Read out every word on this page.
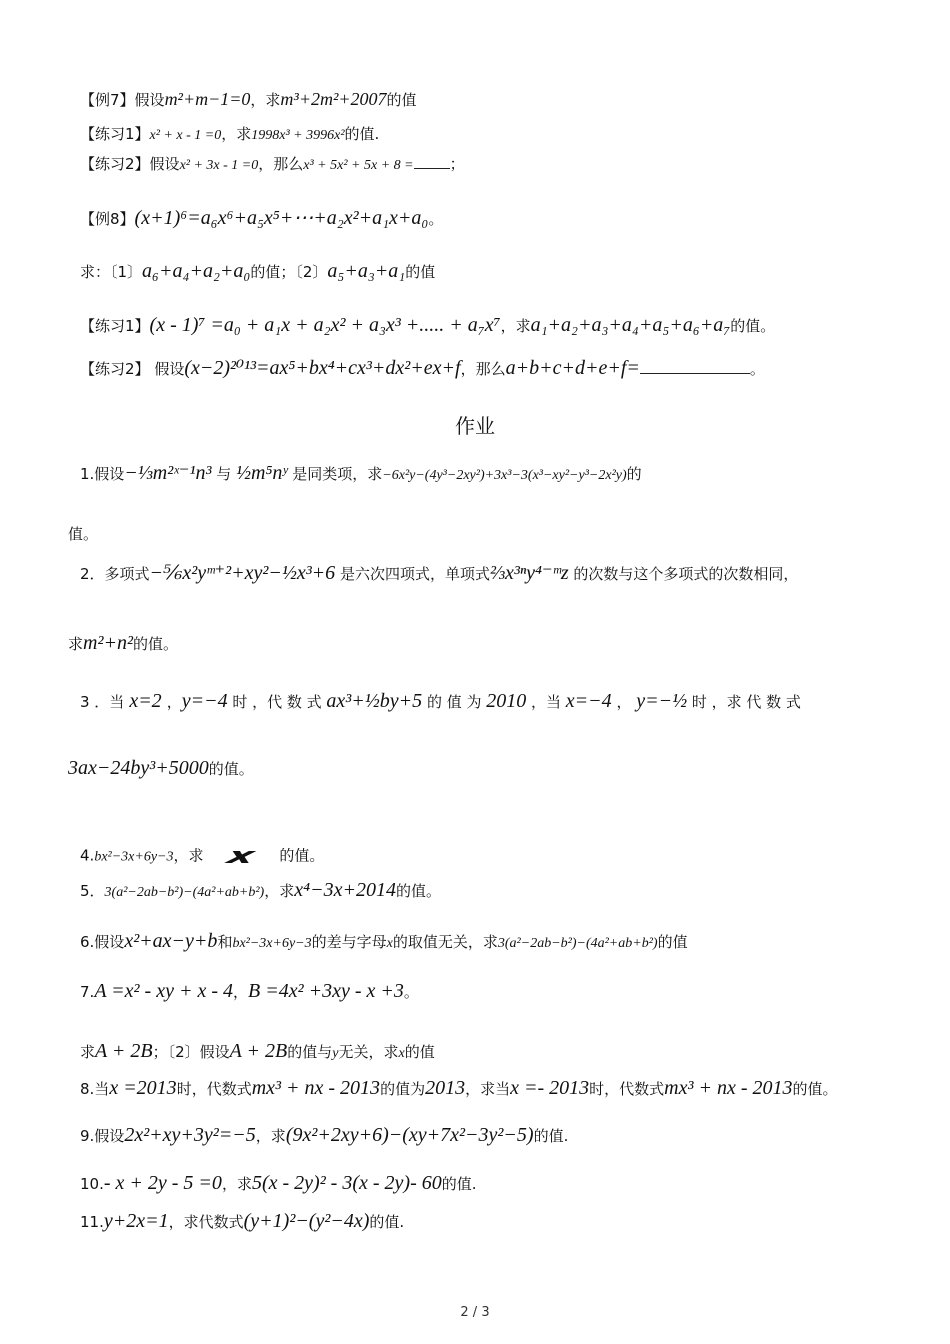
作业
2 / 3
【例7】假设m²+m−1=0，求m³+2m²+2007的值
【练习1】x² + x - 1 =0，求1998x³ + 3996x²的值.
【练习2】假设x² + 3x - 1 =0，那么x³ + 5x² + 5x + 8 = ；
【例8】(x+1)⁶=a₆x⁶+a₅x⁵+⋯+a₂x²+a₁x+a₀。
求：〔1〕a₆+a₄+a₂+a₀的值；〔2〕a₅+a₃+a₁的值
【练习1】(x - 1)⁷ =a₀ + a₁x + a₂x² + a₃x³ +..... + a₇x⁷，求a₁+a₂+a₃+a₄+a₅+a₆+a₇的值。
【练习2】 假设(x−2)²⁰¹³=ax⁵+bx⁴+cx³+dx²+ex+f，那么a+b+c+d+e+f=	。
1.假设−⅓m²ˣ⁻¹n³ 与 ½m⁵nʸ 是同类项，求−6x²y−(4y³−2xy²)+3x³−3(x³−xy²−y³−2x²y)的
值。
2．多项式−⅚x²yᵐ⁺²+xy²−½x³+6 是六次四项式，单项式⅔x³ⁿy⁴⁻ᵐz 的次数与这个多项式的次数相同，
求m²+n²的值。
3 ．当 x=2 ，y=−4 时 ，代 数 式 ax³+½by+5 的 值 为 2010 ，当 x=−4 ， y=−½ 时 ，求 代 数 式
3ax−24by³+5000的值。
4.bx²−3x+6y−3，求 x 的值。
5．3(a²−2ab−b²)−(4a²+ab+b²)，求x⁴−3x+2014的值。
6.假设x²+ax−y+b和bx²−3x+6y−3的差与字母x的取值无关，求3(a²−2ab−b²)−(4a²+ab+b²)的值
7.A =x² - xy + x - 4，B =4x² +3xy - x +3。
求A + 2B；〔2〕假设A + 2B的值与y无关，求x的值
8.当x =2013时，代数式mx³ + nx - 2013的值为2013，求当x =- 2013时，代数式mx³ + nx - 2013的值。
9.假设2x²+xy+3y²=−5，求(9x²+2xy+6)−(xy+7x²−3y²−5)的值.
10.- x + 2y - 5 =0，求5(x - 2y)² - 3(x - 2y)- 60的值.
11.y+2x=1，求代数式(y+1)²−(y²−4x)的值.
